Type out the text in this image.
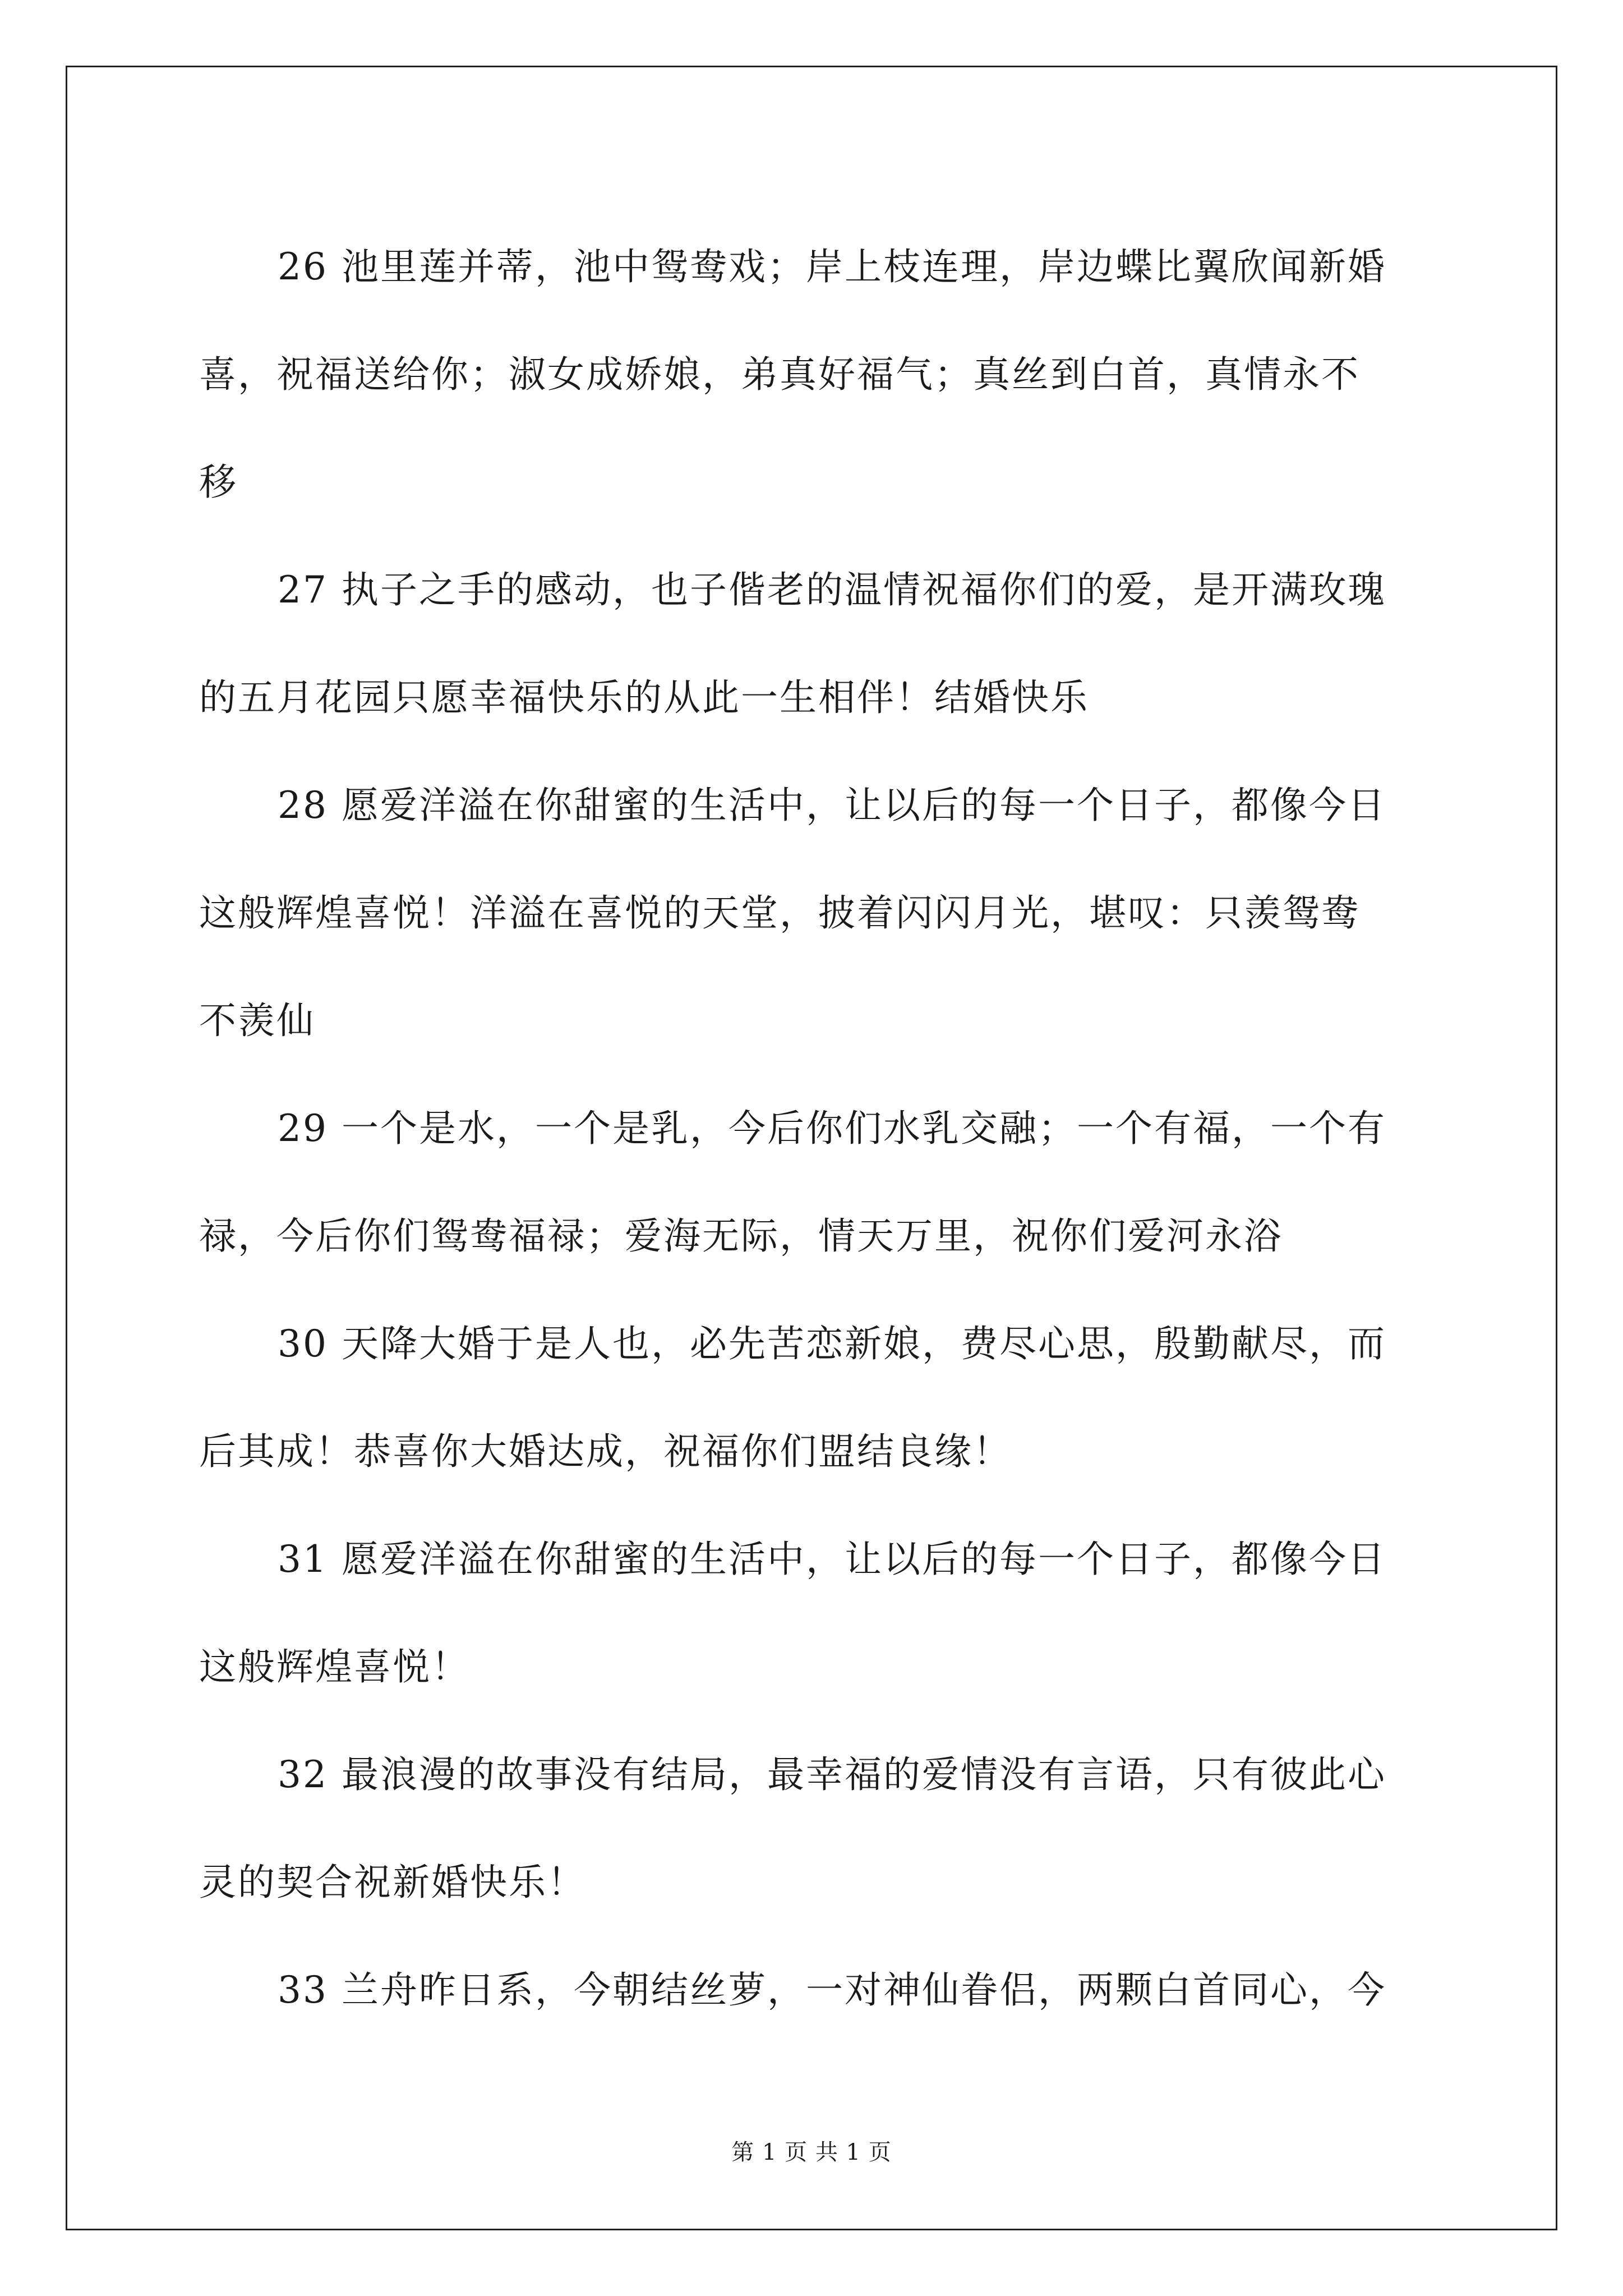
26 池里莲并蒂，池中鸳鸯戏；岸上枝连理，岸边蝶比翼欣闻新婚
喜，祝福送给你；淑女成娇娘，弟真好福气；真丝到白首，真情永不
移
27 执子之手的感动，也子偕老的温情祝福你们的爱，是开满玫瑰
的五月花园只愿幸福快乐的从此一生相伴！结婚快乐
28 愿爱洋溢在你甜蜜的生活中，让以后的每一个日子，都像今日
这般辉煌喜悦！洋溢在喜悦的天堂，披着闪闪月光，堪叹：只羡鸳鸯
不羡仙
29 一个是水，一个是乳，今后你们水乳交融；一个有福，一个有
禄，今后你们鸳鸯福禄；爱海无际，情天万里，祝你们爱河永浴
30 天降大婚于是人也，必先苦恋新娘，费尽心思，殷勤献尽，而
后其成！恭喜你大婚达成，祝福你们盟结良缘！
31 愿爱洋溢在你甜蜜的生活中，让以后的每一个日子，都像今日
这般辉煌喜悦！
32 最浪漫的故事没有结局，最幸福的爱情没有言语，只有彼此心
灵的契合祝新婚快乐！
33 兰舟昨日系，今朝结丝萝，一对神仙眷侣，两颗白首同心，今
第 1 页 共 1 页
